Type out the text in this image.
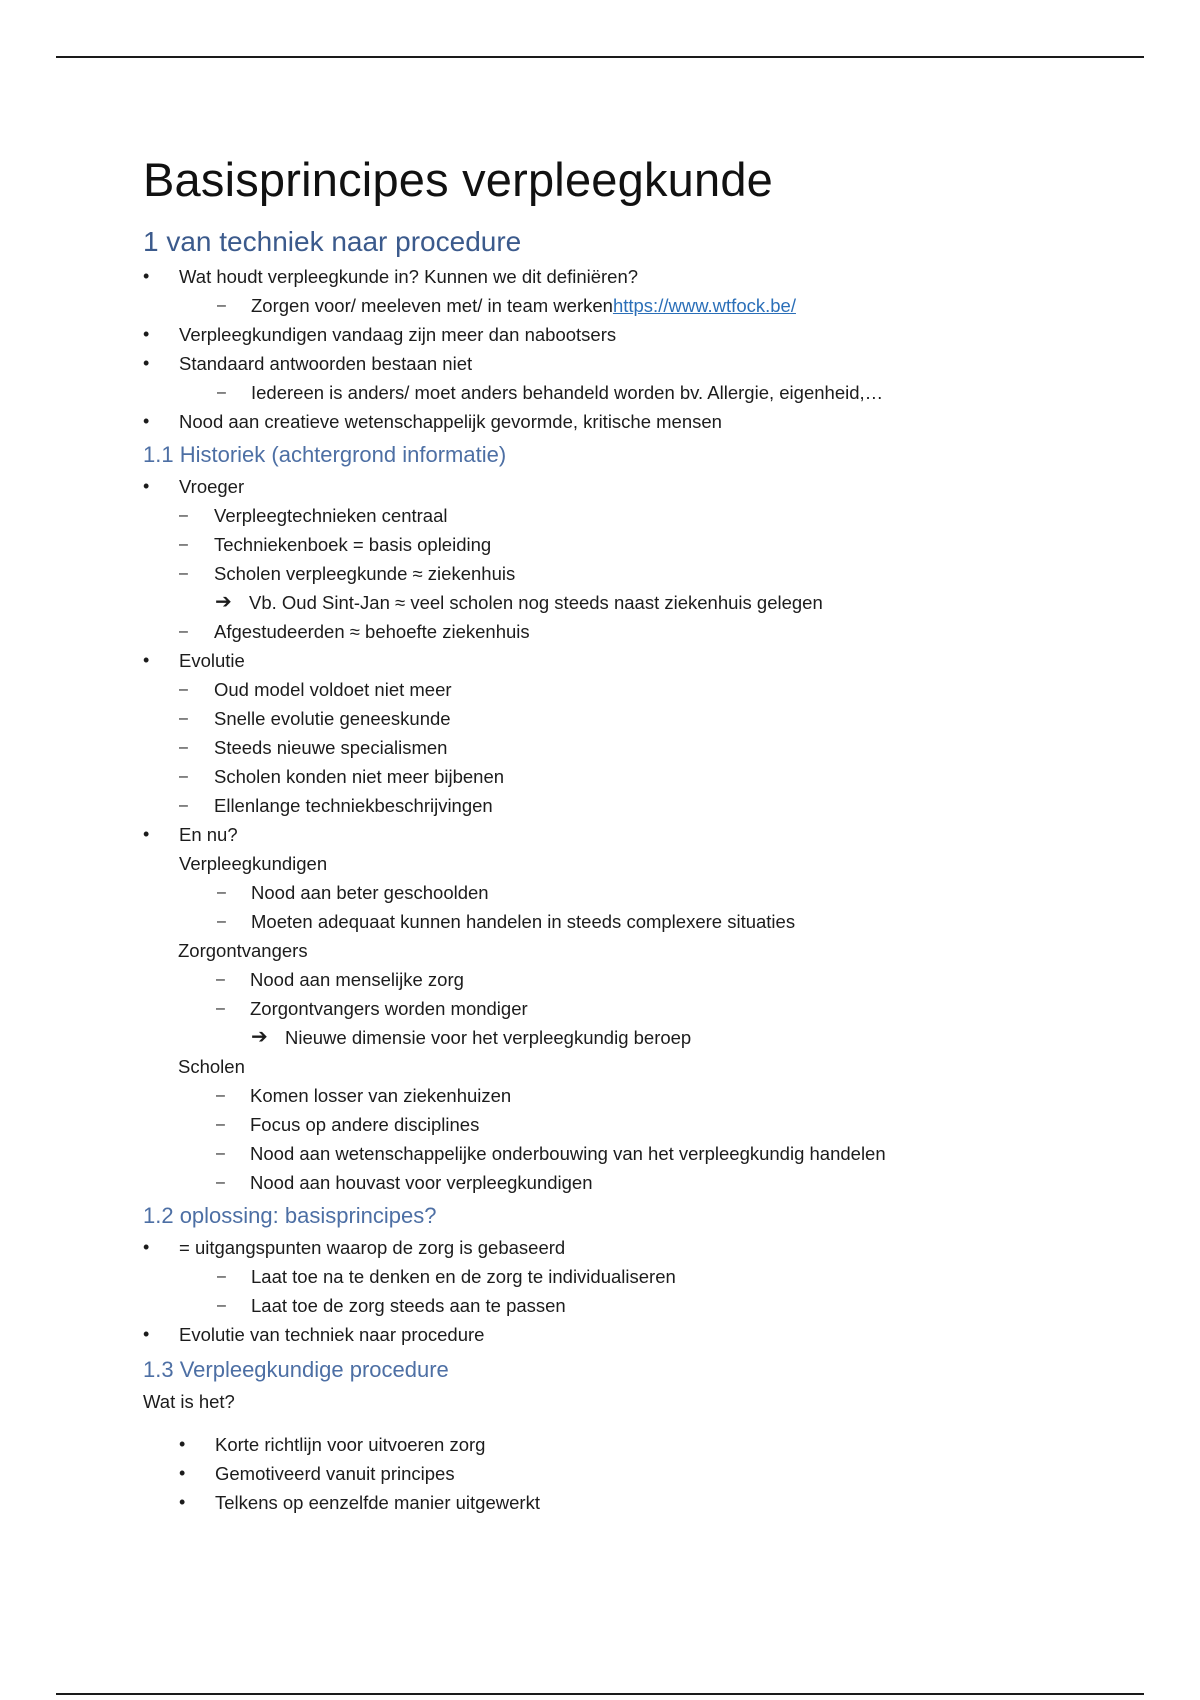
Basisprincipes verpleegkunde
1 van techniek naar procedure
•	Wat houdt verpleegkunde in? Kunnen we dit definiëren?
–	Zorgen voor/ meeleven met/ in team werkenhttps://www.wtfock.be/
•	Verpleegkundigen vandaag zijn meer dan nabootsers
•	Standaard antwoorden bestaan niet
–	Iedereen is anders/ moet anders behandeld worden bv. Allergie, eigenheid,…
•	Nood aan creatieve wetenschappelijk gevormde, kritische mensen
1.1 Historiek (achtergrond informatie)
•	Vroeger
–	Verpleegtechnieken centraal
–	Techniekenboek = basis opleiding
–	Scholen verpleegkunde ≈ ziekenhuis
➔ Vb. Oud Sint-Jan ≈ veel scholen nog steeds naast ziekenhuis gelegen
–	Afgestudeerden ≈ behoefte ziekenhuis
•	Evolutie
–	Oud model voldoet niet meer
–	Snelle evolutie geneeskunde
–	Steeds nieuwe specialismen
–	Scholen konden niet meer bijbenen
–	Ellenlange techniekbeschrijvingen
•	En nu?
Verpleegkundigen
–	Nood aan beter geschoolden
–	Moeten adequaat kunnen handelen in steeds complexere situaties
Zorgontvangers
–	Nood aan menselijke zorg
–	Zorgontvangers worden mondiger
➔ Nieuwe dimensie voor het verpleegkundig beroep
Scholen
–	Komen losser van ziekenhuizen
–	Focus op andere disciplines
–	Nood aan wetenschappelijke onderbouwing van het verpleegkundig handelen
–	Nood aan houvast voor verpleegkundigen
1.2 oplossing: basisprincipes?
•	= uitgangspunten waarop de zorg is gebaseerd
–	Laat toe na te denken en de zorg te individualiseren
–	Laat toe de zorg steeds aan te passen
•	Evolutie van techniek naar procedure
1.3 Verpleegkundige procedure
Wat is het?
•	Korte richtlijn voor uitvoeren zorg
•	Gemotiveerd vanuit principes
•	Telkens op eenzelfde manier uitgewerkt
